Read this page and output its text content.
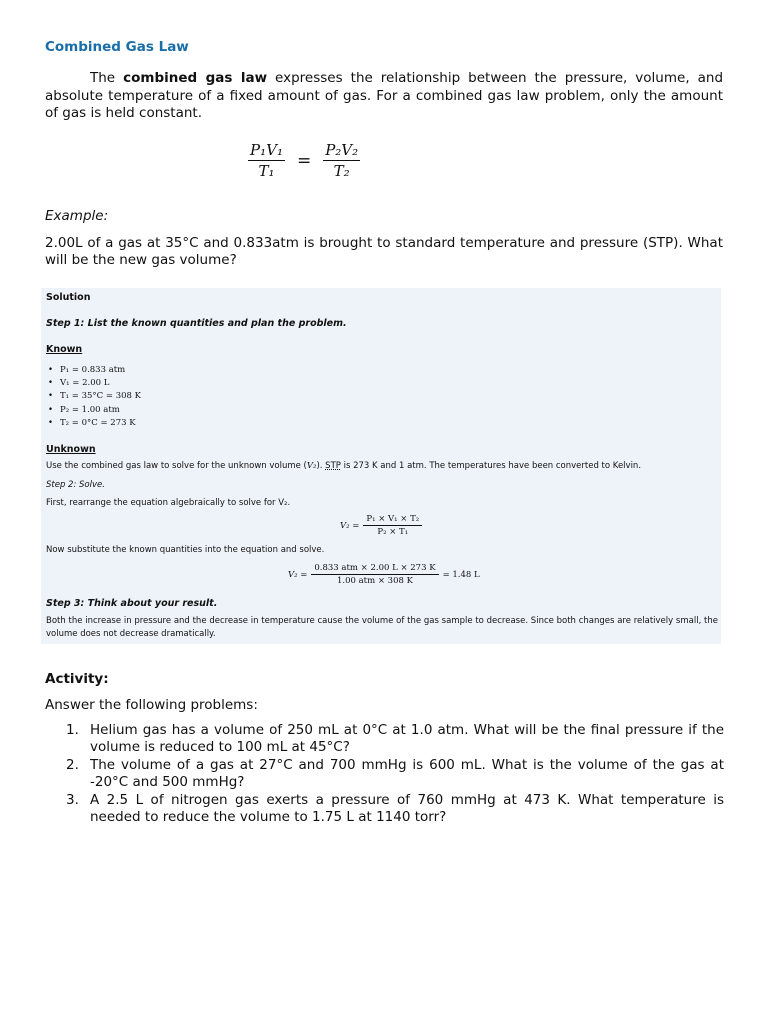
Combined Gas Law
The combined gas law expresses the relationship between the pressure, volume, and absolute temperature of a fixed amount of gas. For a combined gas law problem, only the amount of gas is held constant.
$\frac{\text{P₁V₁}}{\text{T₁}} = \frac{\text{P₂V₂}}{\text{T₂}}$
Example:
2.00L of a gas at 35°C and 0.833atm is brought to standard temperature and pressure (STP). What will be the new gas volume?
Solution
Step 1: List the known quantities and plan the problem.
Known
• P₁ = 0.833 atm
• V₁ = 2.00 L
• T₁ = 35°C = 308 K
• P₂ = 1.00 atm
• T₂ = 0°C = 273 K
Unknown
Use the combined gas law to solve for the unknown volume (V₂). STP is 273 K and 1 atm. The temperatures have been converted to Kelvin.
Step 2: Solve.
First, rearrange the equation algebraically to solve for V₂.
$V_2 = \frac{\text{P₁ × V₁ × T₂}}{\text{P₂ × T₁}}$
Now substitute the known quantities into the equation and solve.
$V_2 = \frac{\text{0.833 atm × 2.00 L × 273 K}}{\text{1.00 atm × 308 K}} = 1.48$ L
Step 3: Think about your result.
Both the increase in pressure and the decrease in temperature cause the volume of the gas sample to decrease. Since both changes are relatively small, the volume does not decrease dramatically.
Activity:
Answer the following problems:
1. Helium gas has a volume of 250 mL at 0°C at 1.0 atm. What will be the final pressure if the volume is reduced to 100 mL at 45°C?
2. The volume of a gas at 27°C and 700 mmHg is 600 mL. What is the volume of the gas at -20°C and 500 mmHg?
3. A 2.5 L of nitrogen gas exerts a pressure of 760 mmHg at 473 K. What temperature is needed to reduce the volume to 1.75 L at 1140 torr?
